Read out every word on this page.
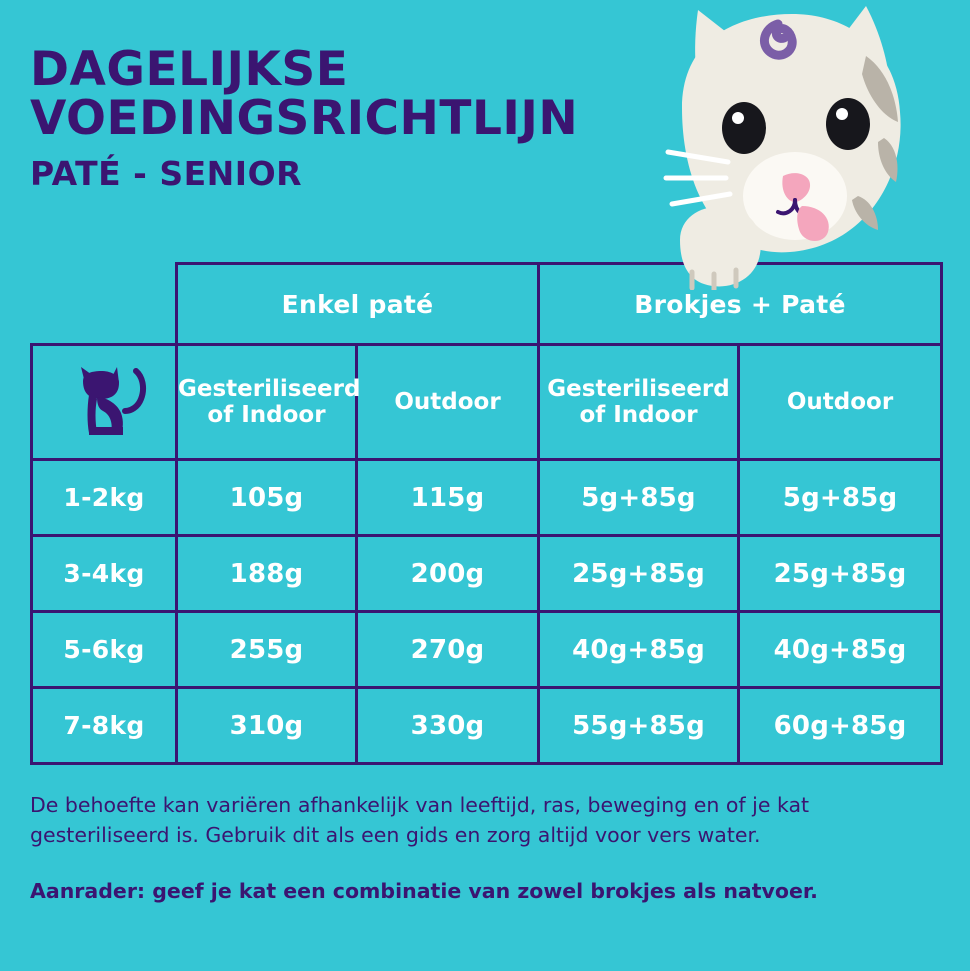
DAGELIJKSE
VOEDINGSRICHTLIJN
PATÉ - SENIOR
	Enkel paté		Brokjes + Paté	

	Gesteriliseerd of Indoor	Outdoor	Gesteriliseerd of Indoor	Outdoor
1-2kg	105g	115g	5g+85g	5g+85g
3-4kg	188g	200g	25g+85g	25g+85g
5-6kg	255g	270g	40g+85g	40g+85g
7-8kg	310g	330g	55g+85g	60g+85g

De behoefte kan variëren afhankelijk van leeftijd, ras, beweging en of je kat gesteriliseerd is. Gebruik dit als een gids en zorg altijd voor vers water.

Aanrader: geef je kat een combinatie van zowel brokjes als natvoer.
